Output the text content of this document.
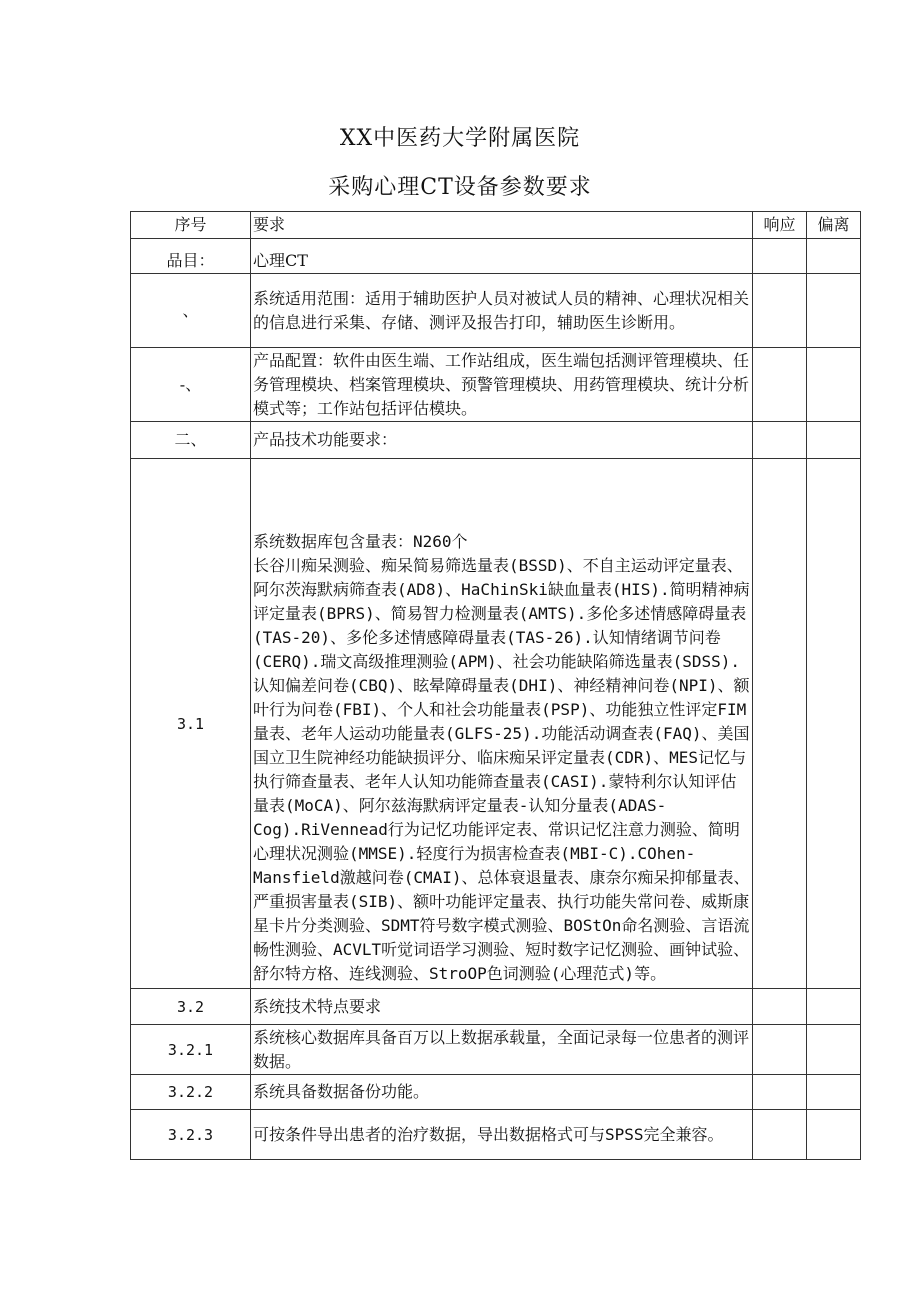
XX中医药大学附属医院
采购心理CT设备参数要求
序号	要求	响应	偏离
品目：	心理CT		
、	系统适用范围：适用于辅助医护人员对被试人员的精神、心理状况相关的信息进行采集、存储、测评及报告打印，辅助医生诊断用。		
-、	产品配置：软件由医生端、工作站组成，医生端包括测评管理模块、任务管理模块、档案管理模块、预警管理模块、用药管理模块、统计分析模式等；工作站包括评估模块。		
二、	产品技术功能要求：		
3.1	系统数据库包含量表：N260个
长谷川痴呆测验、痴呆简易筛选量表(BSSD)、不自主运动评定量表、阿尔茨海默病筛查表(AD8)、HaChinSki缺血量表(HIS).简明精神病评定量表(BPRS)、简易智力检测量表(AMTS).多伦多述情感障碍量表(TAS-20)、多伦多述情感障碍量表(TAS-26).认知情绪调节问卷(CERQ).瑞文高级推理测验(APM)、社会功能缺陷筛选量表(SDSS).认知偏差问卷(CBQ)、眩晕障碍量表(DHI)、神经精神问卷(NPI)、额叶行为问卷(FBI)、个人和社会功能量表(PSP)、功能独立性评定FIM量表、老年人运动功能量表(GLFS-25).功能活动调查表(FAQ)、美国国立卫生院神经功能缺损评分、临床痴呆评定量表(CDR)、MES记忆与执行筛查量表、老年人认知功能筛查量表(CASI).蒙特利尔认知评估量表(MoCA)、阿尔兹海默病评定量表-认知分量表(ADAS-Cog).RiVennead行为记忆功能评定表、常识记忆注意力测验、简明心理状况测验(MMSE).轻度行为损害检查表(MBI-C).COhen-Mansfield激越问卷(CMAI)、总体衰退量表、康奈尔痴呆抑郁量表、严重损害量表(SIB)、额叶功能评定量表、执行功能失常问卷、威斯康星卡片分类测验、SDMT符号数字模式测验、BOStOn命名测验、言语流畅性测验、ACVLT听觉词语学习测验、短时数字记忆测验、画钟试验、舒尔特方格、连线测验、StroOP色词测验(心理范式)等。		
3.2	系统技术特点要求		
3.2.1	系统核心数据库具备百万以上数据承载量，全面记录每一位患者的测评数据。		
3.2.2	系统具备数据备份功能。		
3.2.3	可按条件导出患者的治疗数据，导出数据格式可与SPSS完全兼容。		
